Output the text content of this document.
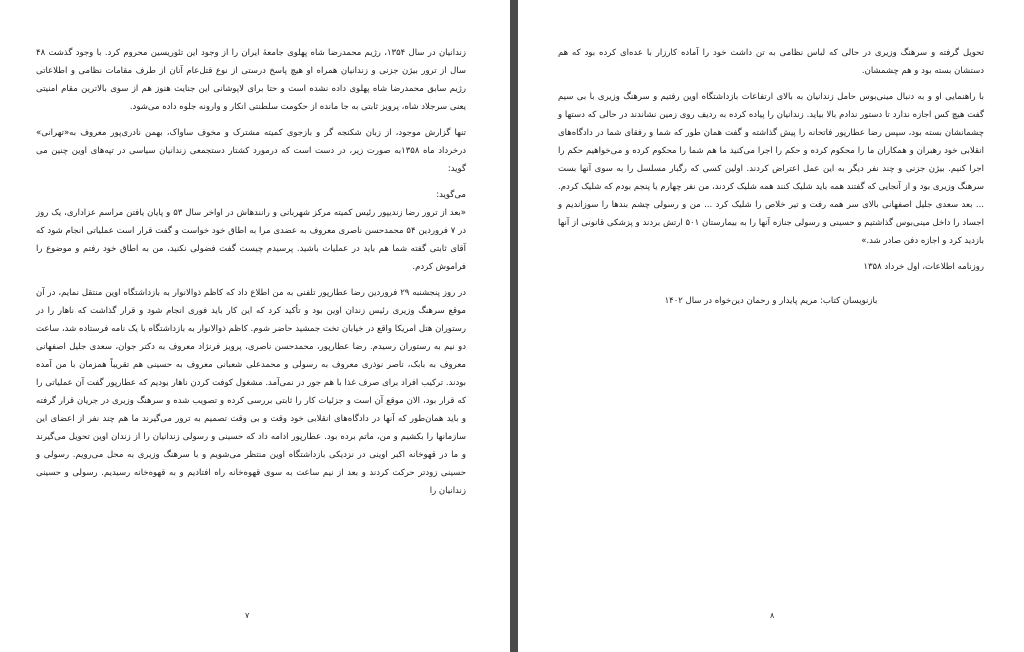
زندانیان در سال ۱۳۵۴، رژیم محمدرضا شاه پهلوی جامعهٔ ایران را از وجود این تئوریسین محروم کرد. با وجود گذشت ۴۸ سال از ترور بیژن جزنی و زندانیان همراه او هیچ پاسخ درستی از نوع قتل‌عام آنان از طرف مقامات نظامی و اطلاعاتی رژیم سابق محمدرضا شاه پهلوی داده نشده است و حتا برای لاپوشانی این جنایت هنوز هم از سوی بالاترین مقام امنیتی یعنی سرجلاد شاه، پرویز ثابتی به جا مانده از حکومت سلطنتی انکار و وارونه جلوه داده می‌شود.

تنها گزارش موجود، از زبان شکنجه گر و بازجوی کمیته مشترک و مخوف ساواک، بهمن نادری‌پور معروف به«تهرانی» درخرداد ماه ۱۳۵۸به صورت زیر، در دست است که درمورد کشتار دستجمعی زندانیان سیاسی در تپه‌های اوین چنین می گوید:

می‌گوید:

«بعد از ترور رضا زندیپور رئیس کمیته مرکز شهربانی و رانندهاش در اواخر سال ۵۳ و پایان یافتن مراسم عزاداری، یک روز در ۷ فروردین ۵۴ محمدحسن ناصری معروف به عضدی مرا به اطاق خود خواست و گفت قرار است عملیاتی انجام شود که آقای ثابتی گفته شما هم باید در عملیات باشید. پرسیدم چیست گفت فضولی نکنید، من به اطاق خود رفتم و موضوع را فراموش کردم.

در روز پنجشنبه ۲۹ فروردین رضا عطارپور تلفنی به من اطلاع داد که کاظم ذوالانوار به بازداشتگاه اوین منتقل نمایم، در آن موقع سرهنگ وزیری رئیس زندان اوین بود و تأکید کرد که این کار باید فوری انجام شود و قرار گذاشت که ناهار را در رستوران هتل امریکا واقع در خیابان تخت جمشید حاضر شوم. کاظم ذوالانوار به بازداشتگاه با یک نامه فرستاده شد، ساعت دو نیم به رستوران رسیدم. رضا عطارپور، محمدحسن ناصری، پرویز فرنژاد معروف به دکتر جوان، سعدی جلیل اصفهانی معروف به بابک، ناصر نوذری معروف به رسولی و محمدعلی شعبانی معروف به حسینی هم تقریباً همزمان با من آمده بودند. ترکیب افراد برای صرف غذا با هم جور در نمی‌آمد. مشغول کوفت کردن ناهار بودیم که عطارپور گفت آن عملیاتی را که قرار بود، الان موقع آن است و جزئیات کار را ثابتی بررسی کرده و تصویب شده و سرهنگ وزیری در جریان قرار گرفته و باید همان‌طور که آنها در دادگاه‌های انقلابی خود وقت و بی وقت تصمیم به ترور می‌گیرند ما هم چند نفر از اعضای این سازمانها را بکشیم و من، ماتم برده بود. عطارپور ادامه داد که حسینی و رسولی زندانیان را از زندان اوین تحویل می‌گیرند و ما در قهوخانه اکبر اوینی در نزدیکی بازداشتگاه اوین منتظر می‌شویم و با سرهنگ وزیری به محل می‌رویم. رسولی و حسینی زودتر حرکت کردند و بعد از نیم ساعت به سوی قهوه‌خانه راه افتادیم و به قهوه‌خانه رسیدیم. رسولی و حسینی زندانیان را

۷

تحویل گرفته و سرهنگ وزیری در حالی که لباس نظامی به تن داشت خود را آماده کارزار با عده‌ای کرده بود که هم دستشان بسته بود و هم چشمشان.

با راهنمایی او و به دنبال مینی‌بوس حامل زندانیان به بالای ارتفاعات بازداشتگاه اوین رفتیم و سرهنگ وزیری با بی سیم گفت هیچ کس اجازه ندارد تا دستور ندادم بالا بیاید. زندانیان را پیاده کرده به ردیف روی زمین نشاندند در حالی که دستها و چشمانشان بسته بود، سپس رضا عطارپور فاتحانه را پیش گذاشته و گفت همان طور که شما و رفقای شما در دادگاه‌های انقلابی خود رهبران و همکاران ما را محکوم کرده و حکم را اجرا می‌کنید ما هم شما را محکوم کرده و می‌خواهیم حکم را اجرا کنیم. بیژن جزنی و چند نفر دیگر به این عمل اعتراض کردند. اولین کسی که رگبار مسلسل را به سوی آنها بست سرهنگ وزیری بود و از آنجایی که گفتند همه باید شلیک کنند همه شلیک کردند، من نفر چهارم یا پنجم بودم که شلیک کردم. ... بعد سعدی جلیل اصفهانی بالای سر همه رفت و تیر خلاص را شلیک کرد ... من و رسولی چشم بندها را سوزاندیم و اجساد را داخل مینی‌بوس گذاشتیم و حسینی و رسولی جنازه آنها را به بیمارستان ۵۰۱ ارتش بردند و پزشکی قانونی از آنها بازدید کرد و اجازه دفن صادر شد.»

روزنامه اطلاعات، اول خرداد ۱۳۵۸

بازنویسان کتاب: مریم پایدار و رحمان دین‌خواه در سال ۱۴۰۲

۸
